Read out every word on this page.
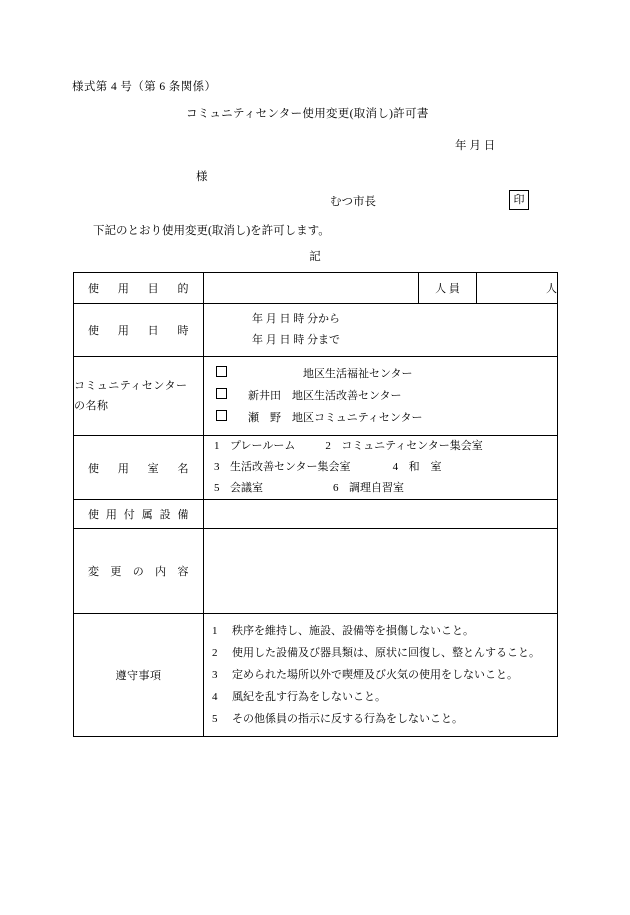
様式第 4 号（第 6 条関係）
コミュニティセンター使用変更(取消し)許可書
年 月 日
様
むつ市長	印
下記のとおり使用変更(取消し)を許可します。
記
使 用 目 的		人 員	人

使 用 日 時	年 月 日 時 分から
年 月 日 時 分まで		

コミュニティセンター
の名称

　　　　　　地区生活福祉センター
　新井田　地区生活改善センター
　瀬　野　地区コミュニティセンター

使 用 室 名	1 プレールーム 2 コミュニティセンター集会室
3 生活改善センター集会室 4 和　室
5 会議室 6 調理自習室		

使 用 付 属 設 備			

変 更 の 内 容			

遵守事項	1 秩序を維持し、施設、設備等を損傷しないこと。
2 使用した設備及び器具類は、原状に回復し、整とんすること。
3 定められた場所以外で喫煙及び火気の使用をしないこと。
4 風紀を乱す行為をしないこと。
5 その他係員の指示に反する行為をしないこと。		
